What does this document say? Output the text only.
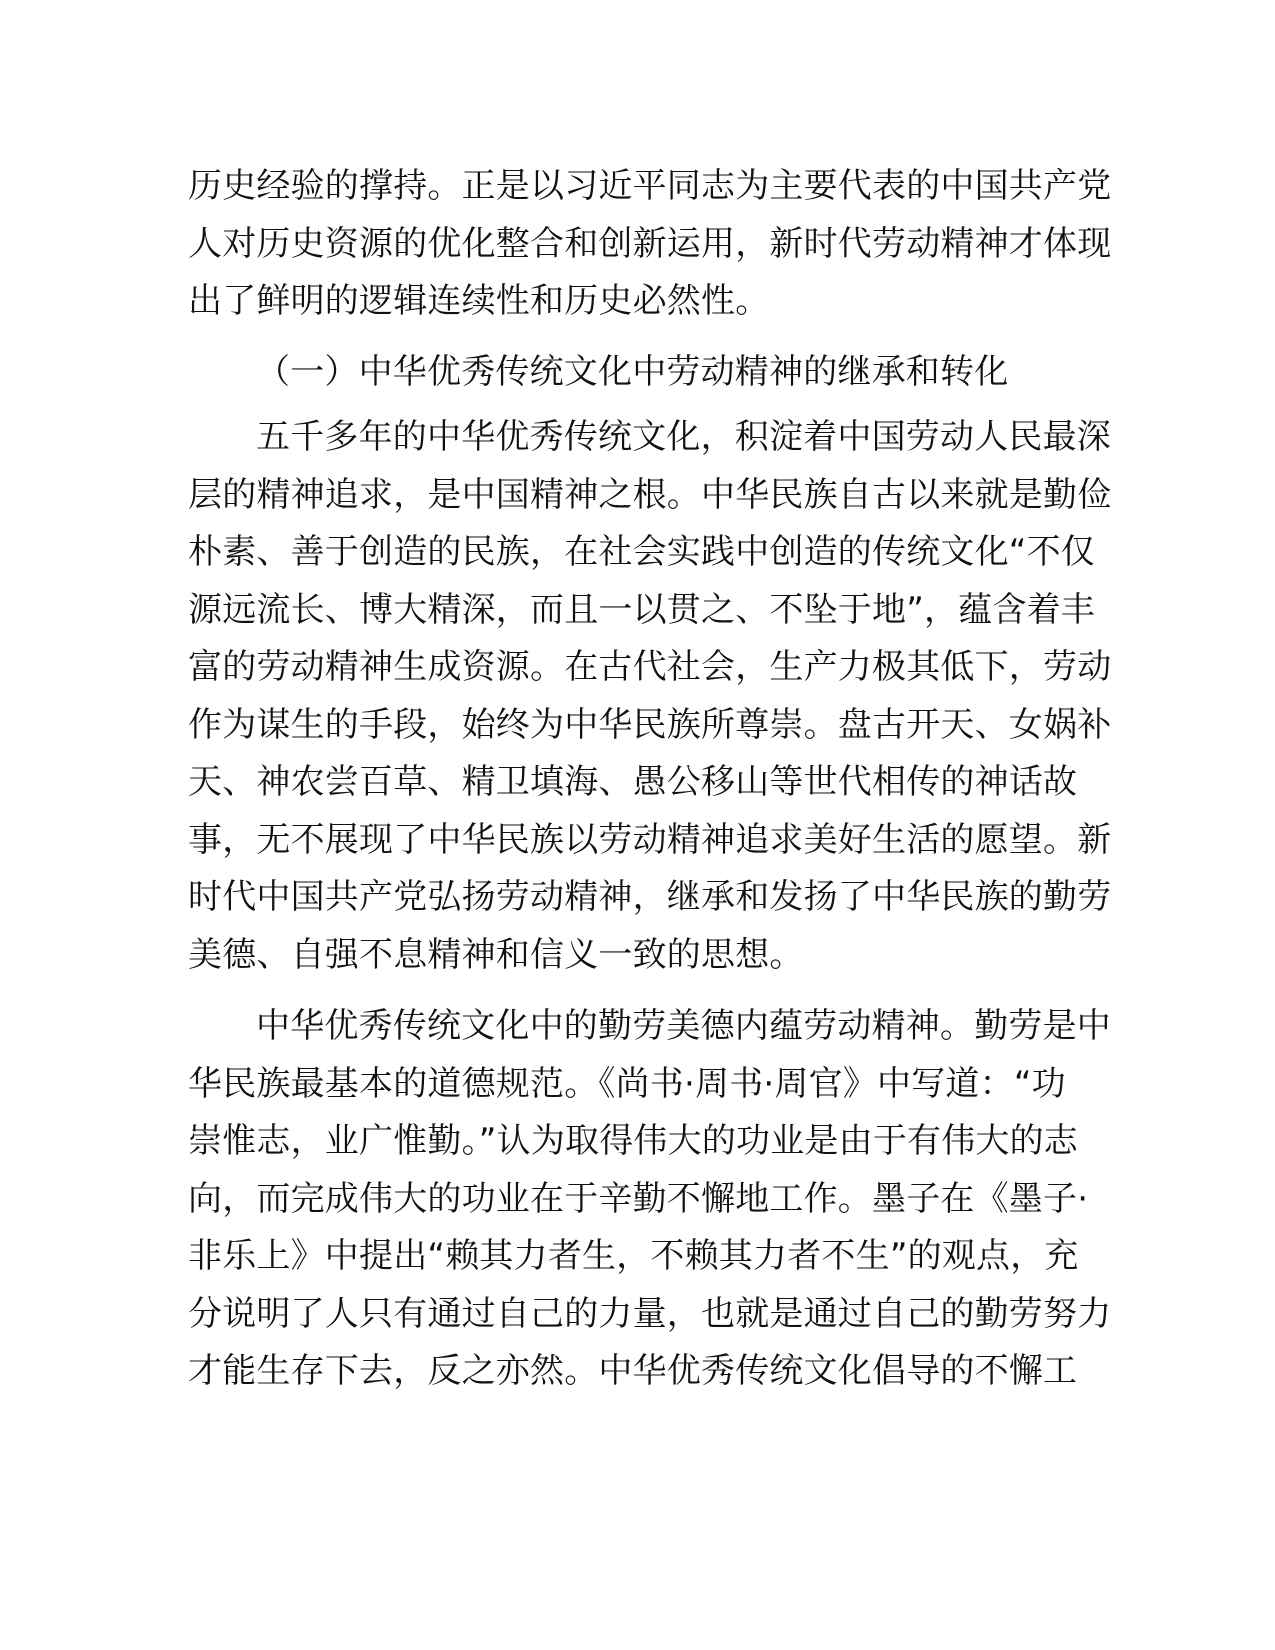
历史经验的撑持。正是以习近平同志为主要代表的中国共产党
人对历史资源的优化整合和创新运用，新时代劳动精神才体现
出了鲜明的逻辑连续性和历史必然性。
（一）中华优秀传统文化中劳动精神的继承和转化
五千多年的中华优秀传统文化，积淀着中国劳动人民最深
层的精神追求，是中国精神之根。中华民族自古以来就是勤俭
朴素、善于创造的民族，在社会实践中创造的传统文化“不仅
源远流长、博大精深，而且一以贯之、不坠于地”，蕴含着丰
富的劳动精神生成资源。在古代社会，生产力极其低下，劳动
作为谋生的手段，始终为中华民族所尊崇。盘古开天、女娲补
天、神农尝百草、精卫填海、愚公移山等世代相传的神话故
事，无不展现了中华民族以劳动精神追求美好生活的愿望。新
时代中国共产党弘扬劳动精神，继承和发扬了中华民族的勤劳
美德、自强不息精神和信义一致的思想。
中华优秀传统文化中的勤劳美德内蕴劳动精神。勤劳是中
华民族最基本的道德规范。《尚书·周书·周官》中写道：“功
崇惟志，业广惟勤。”认为取得伟大的功业是由于有伟大的志
向，而完成伟大的功业在于辛勤不懈地工作。墨子在《墨子·
非乐上》中提出“赖其力者生，不赖其力者不生”的观点，充
分说明了人只有通过自己的力量，也就是通过自己的勤劳努力
才能生存下去，反之亦然。中华优秀传统文化倡导的不懈工
